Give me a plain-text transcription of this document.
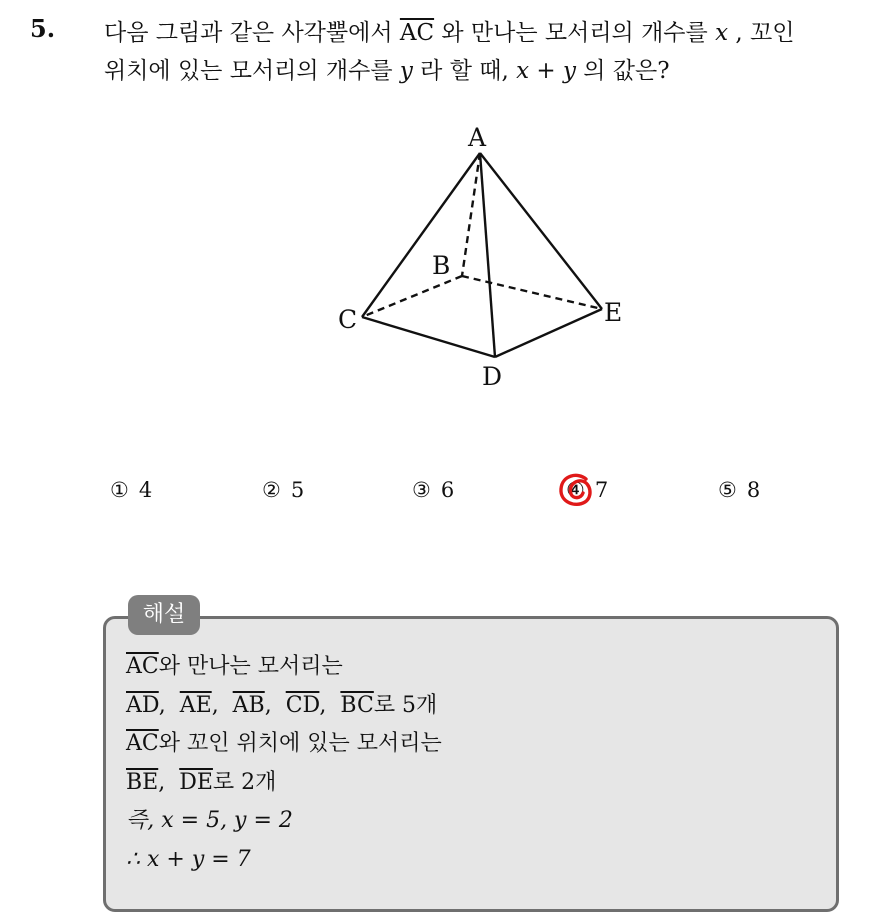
5. 다음 그림과 같은 사각뿔에서 $\overline{AC}$ 와 만나는 모서리의 개수를 x , 꼬인
위치에 있는 모서리의 개수를 y 라 할 때, x + y 의 값은?
A
B
C
D
E
① 4	② 5	③ 6	④ 7	⑤ 8
해설
$\overline{AC}$와 만나는 모서리는
$\overline{AD}$,  $\overline{AE}$,  $\overline{AB}$,  $\overline{CD}$,  $\overline{BC}$로 5개
$\overline{AC}$와 꼬인 위치에 있는 모서리는
$\overline{BE}$,  $\overline{DE}$로 2개
즉, x = 5, y = 2
∴ x + y = 7
